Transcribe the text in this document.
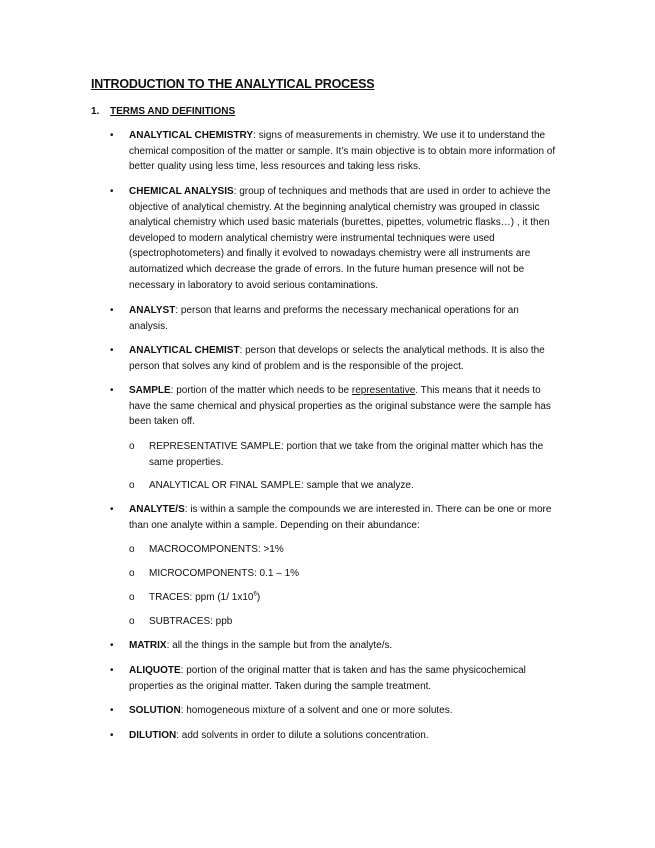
INTRODUCTION TO THE ANALYTICAL PROCESS
1. TERMS AND DEFINITIONS
• ANALYTICAL CHEMISTRY: signs of measurements in chemistry. We use it to understand the chemical composition of the matter or sample. It’s main objective is to obtain more information of better quality using less time, less resources and taking less risks.
• CHEMICAL ANALYSIS: group of techniques and methods that are used in order to achieve the objective of analytical chemistry. At the beginning analytical chemistry was grouped in classic analytical chemistry which used basic materials (burettes, pipettes, volumetric flasks…) , it then developed to modern analytical chemistry were instrumental techniques were used (spectrophotometers) and finally it evolved to nowadays chemistry were all instruments are automatized which decrease the grade of errors. In the future human presence will not be necessary in laboratory to avoid serious contaminations.
• ANALYST: person that learns and preforms the necessary mechanical operations for an analysis.
• ANALYTICAL CHEMIST: person that develops or selects the analytical methods. It is also the person that solves any kind of problem and is the responsible of the project.
• SAMPLE: portion of the matter which needs to be representative. This means that it needs to have the same chemical and physical properties as the original substance were the sample has been taken off.
o REPRESENTATIVE SAMPLE: portion that we take from the original matter which has the same properties.
o ANALYTICAL OR FINAL SAMPLE: sample that we analyze.
• ANALYTE/S: is within a sample the compounds we are interested in. There can be one or more than one analyte within a sample. Depending on their abundance:
o MACROCOMPONENTS: >1%
o MICROCOMPONENTS: 0.1 – 1%
o TRACES: ppm (1/ $1x10^6$)
o SUBTRACES: ppb
• MATRIX: all the things in the sample but from the analyte/s.
• ALIQUOTE: portion of the original matter that is taken and has the same physicochemical properties as the original matter. Taken during the sample treatment.
• SOLUTION: homogeneous mixture of a solvent and one or more solutes.
• DILUTION: add solvents in order to dilute a solutions concentration.
